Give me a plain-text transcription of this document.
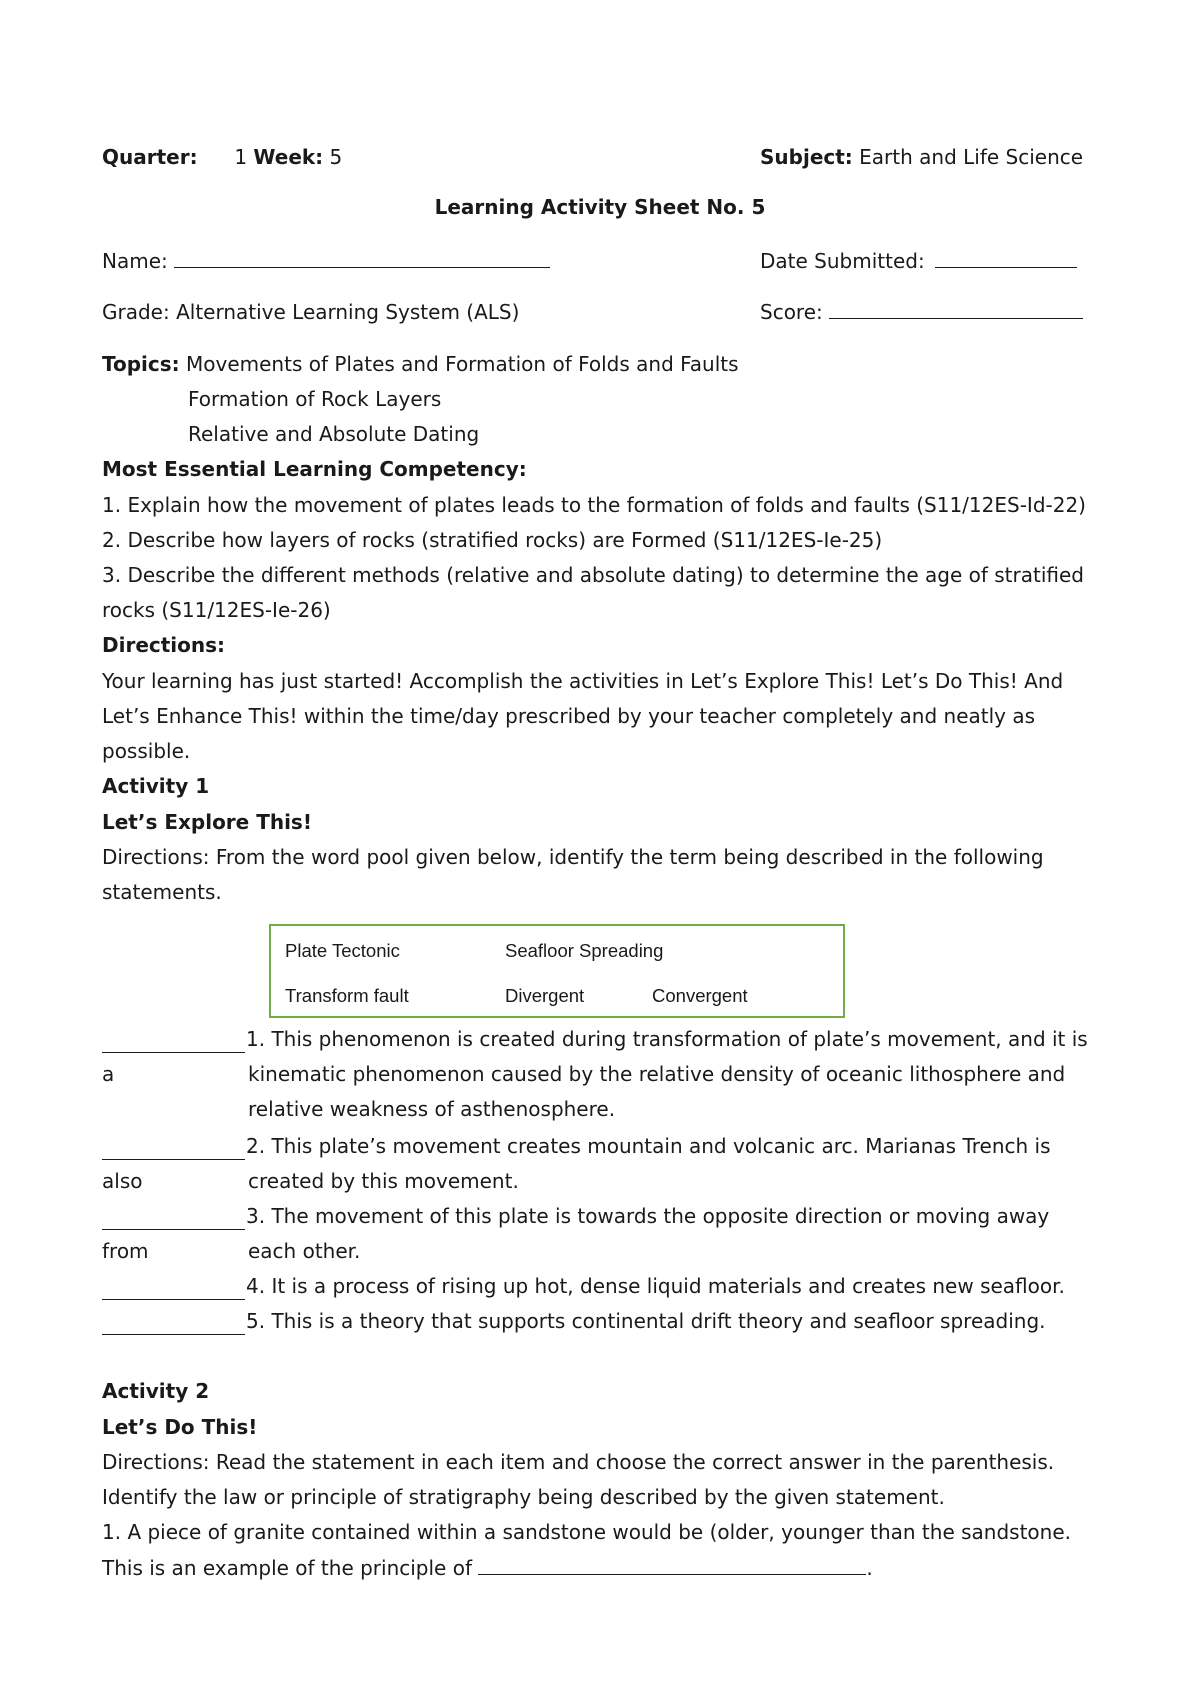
Quarter: 1 Week: 5	Subject: Earth and Life Science
Learning Activity Sheet No. 5
Name:	Date Submitted:
Grade: Alternative Learning System (ALS)	Score:
Topics: Movements of Plates and Formation of Folds and Faults
Formation of Rock Layers
Relative and Absolute Dating
Most Essential Learning Competency:
1. Explain how the movement of plates leads to the formation of folds and faults (S11/12ES-Id-22)
2. Describe how layers of rocks (stratified rocks) are Formed (S11/12ES-Ie-25)
3. Describe the different methods (relative and absolute dating) to determine the age of stratified
rocks (S11/12ES-Ie-26)
Directions:
Your learning has just started! Accomplish the activities in Let’s Explore This! Let’s Do This! And
Let’s Enhance This! within the time/day prescribed by your teacher completely and neatly as
possible.
Activity 1
Let’s Explore This!
Directions: From the word pool given below, identify the term being described in the following
statements.
Plate Tectonic	Seafloor Spreading
Transform fault	Divergent	Convergent
1. This phenomenon is created during transformation of plate’s movement, and it is
a	kinematic phenomenon caused by the relative density of oceanic lithosphere and
relative weakness of asthenosphere.
2. This plate’s movement creates mountain and volcanic arc. Marianas Trench is
also	created by this movement.
3. The movement of this plate is towards the opposite direction or moving away
from	each other.
4. It is a process of rising up hot, dense liquid materials and creates new seafloor.
5. This is a theory that supports continental drift theory and seafloor spreading.
Activity 2
Let’s Do This!
Directions: Read the statement in each item and choose the correct answer in the parenthesis.
Identify the law or principle of stratigraphy being described by the given statement.
1. A piece of granite contained within a sandstone would be (older, younger than the sandstone.
This is an example of the principle of	.
